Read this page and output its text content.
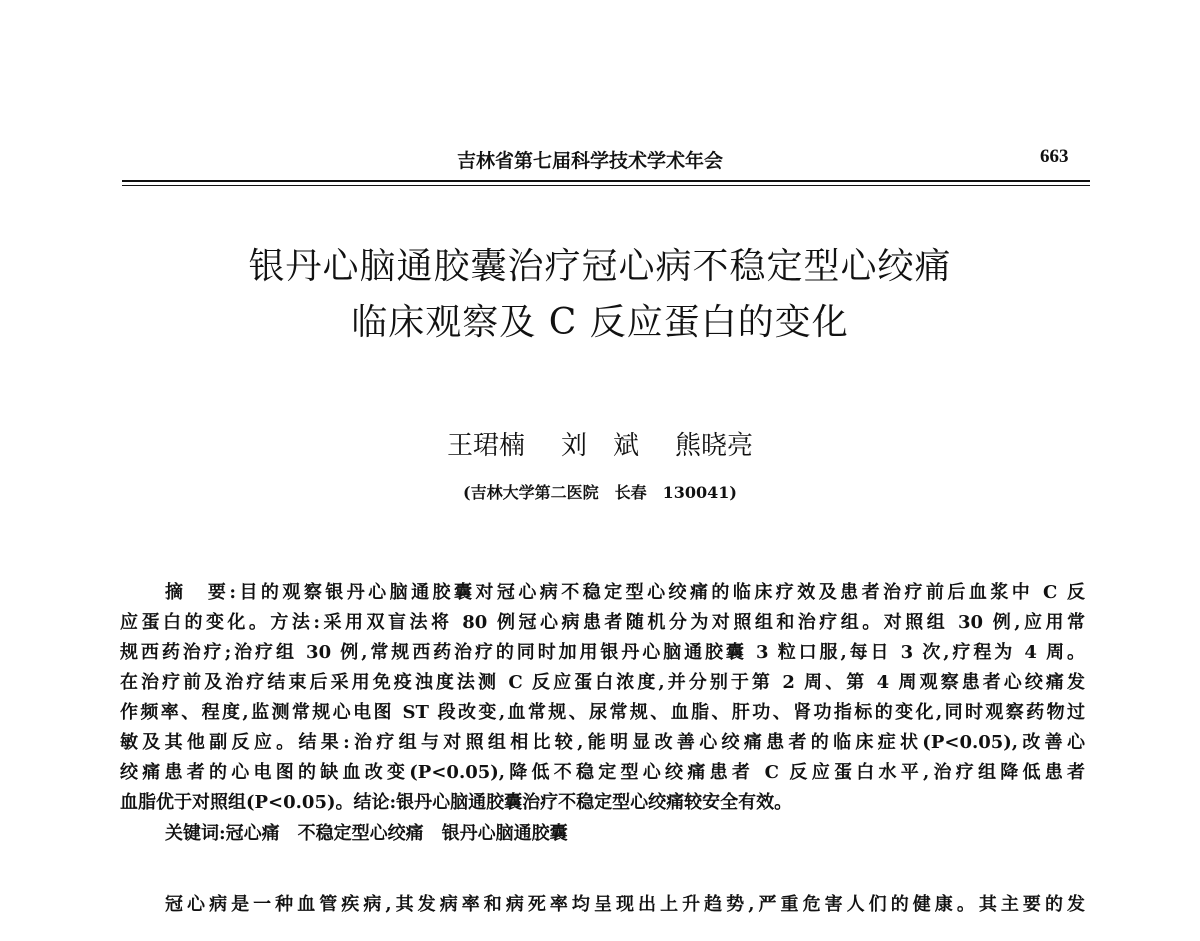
吉林省第七届科学技术学术年会	663
银丹心脑通胶囊治疗冠心病不稳定型心绞痛
临床观察及 C 反应蛋白的变化
王珺楠 刘　斌 熊晓亮
(吉林大学第二医院　长春　130041)
摘　要:目的观察银丹心脑通胶囊对冠心病不稳定型心绞痛的临床疗效及患者治疗前后血浆中 C 反
应蛋白的变化。方法:采用双盲法将 80 例冠心病患者随机分为对照组和治疗组。对照组 30 例,应用常
规西药治疗;治疗组 30 例,常规西药治疗的同时加用银丹心脑通胶囊 3 粒口服,每日 3 次,疗程为 4 周。
在治疗前及治疗结束后采用免疫浊度法测 C 反应蛋白浓度,并分别于第 2 周、第 4 周观察患者心绞痛发
作频率、程度,监测常规心电图 ST 段改变,血常规、尿常规、血脂、肝功、肾功指标的变化,同时观察药物过
敏及其他副反应。结果:治疗组与对照组相比较,能明显改善心绞痛患者的临床症状(P<0.05),改善心
绞痛患者的心电图的缺血改变(P<0.05),降低不稳定型心绞痛患者 C 反应蛋白水平,治疗组降低患者
血脂优于对照组(P<0.05)。结论:银丹心脑通胶囊治疗不稳定型心绞痛较安全有效。
关键词:冠心痛　不稳定型心绞痛　银丹心脑通胶囊
冠心病是一种血管疾病,其发病率和病死率均呈现出上升趋势,严重危害人们的健康。其主要的发
